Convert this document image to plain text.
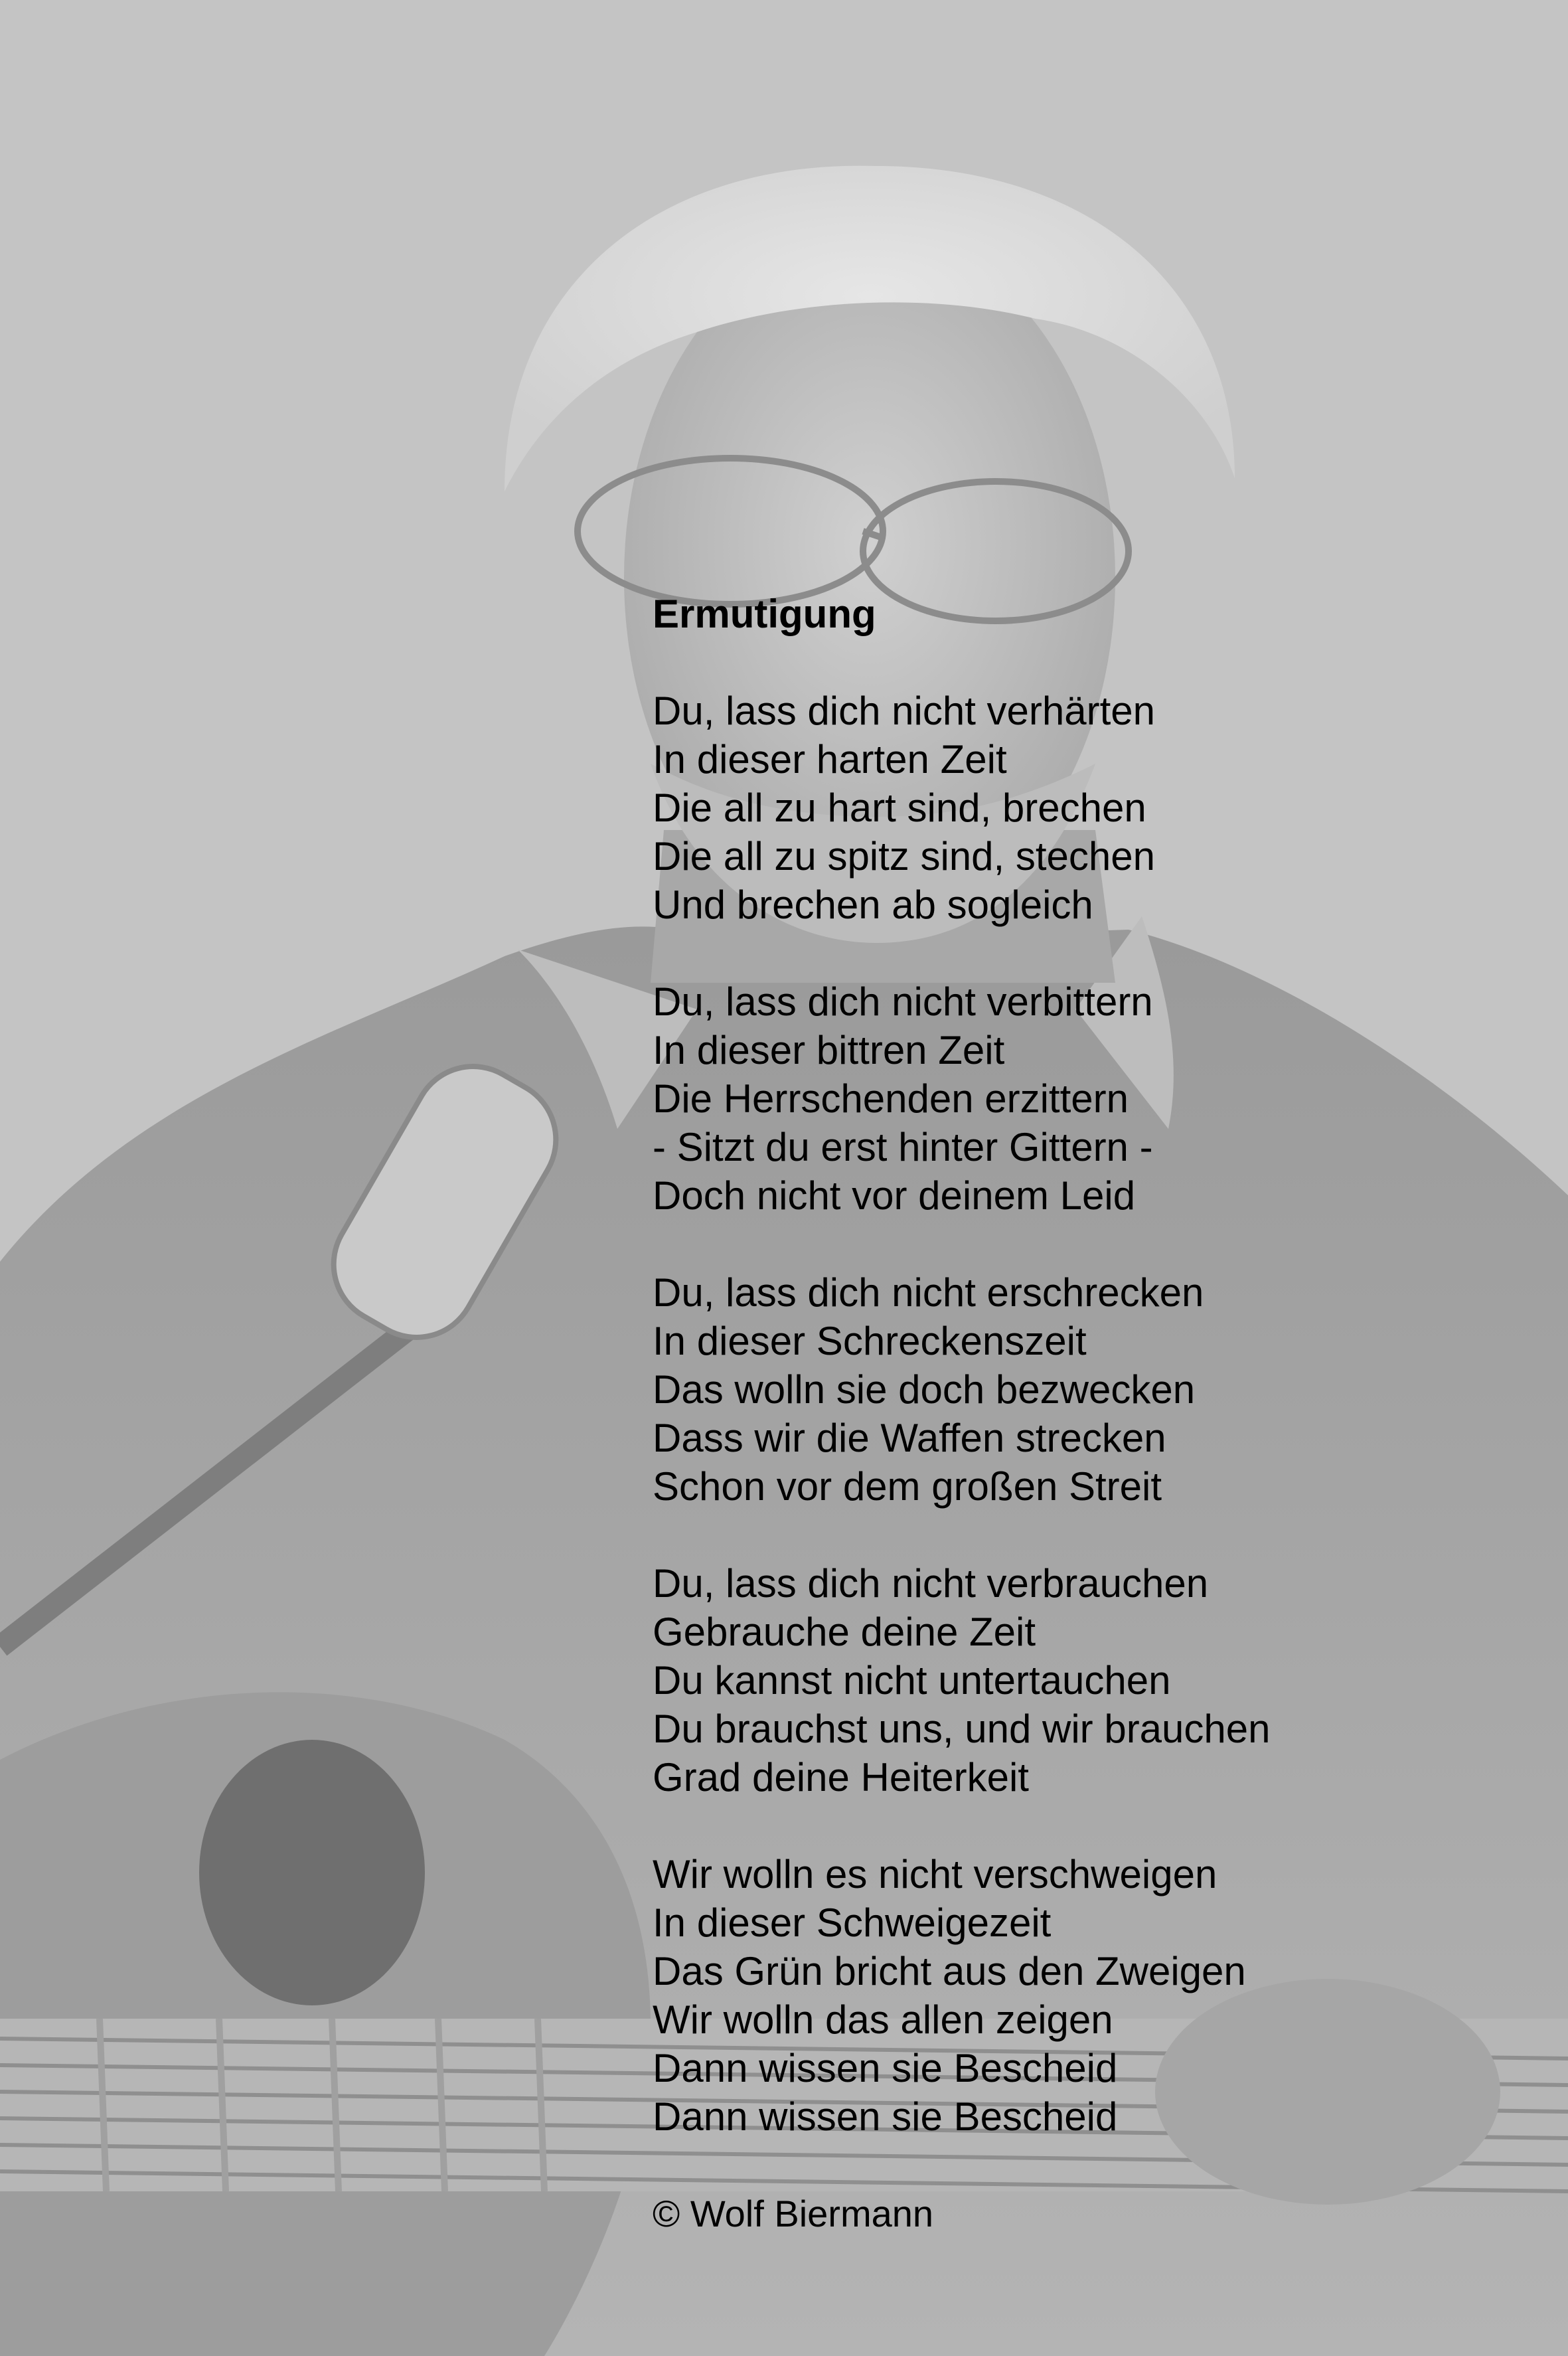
Ermutigung
Du, lass dich nicht verhärten
In dieser harten Zeit
Die all zu hart sind, brechen
Die all zu spitz sind, stechen
Und brechen ab sogleich
Du, lass dich nicht verbittern
In dieser bittren Zeit
Die Herrschenden erzittern
- Sitzt du erst hinter Gittern -
Doch nicht vor deinem Leid
Du, lass dich nicht erschrecken
In dieser Schreckenszeit
Das wolln sie doch bezwecken
Dass wir die Waffen strecken
Schon vor dem großen Streit
Du, lass dich nicht verbrauchen
Gebrauche deine Zeit
Du kannst nicht untertauchen
Du brauchst uns, und wir brauchen
Grad deine Heiterkeit
Wir wolln es nicht verschweigen
In dieser Schweigezeit
Das Grün bricht aus den Zweigen
Wir wolln das allen zeigen
Dann wissen sie Bescheid
Dann wissen sie Bescheid
© Wolf Biermann
